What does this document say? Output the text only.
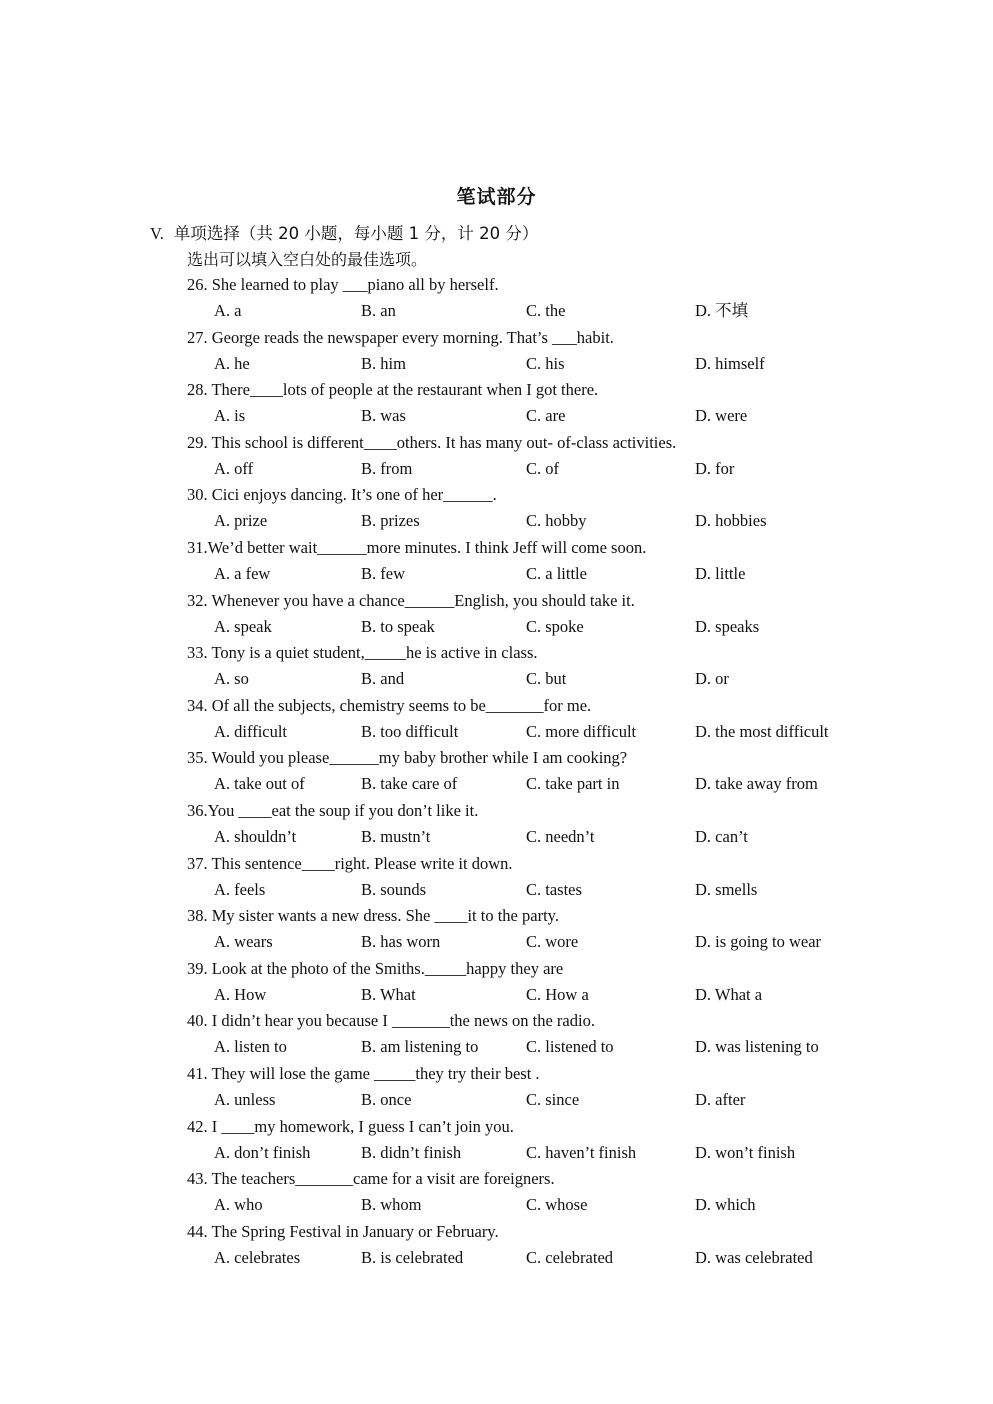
笔试部分
V. 单项选择（共 20 小题，每小题 1 分，计 20 分）
选出可以填入空白处的最佳选项。
26. She learned to play ___piano all by herself.
A. a	B. an	C. the	D. 不填
27. George reads the newspaper every morning. That’s ___habit.
A. he	B. him	C. his	D. himself
28. There____lots of people at the restaurant when I got there.
A. is	B. was	C. are	D. were
29. This school is different____others. It has many out- of-class activities.
A. off	B. from	C. of	D. for
30. Cici enjoys dancing. It’s one of her______.
A. prize	B. prizes	C. hobby	D. hobbies
31.We’d better wait______more minutes. I think Jeff will come soon.
A. a few	B. few	C. a little	D. little
32. Whenever you have a chance______English, you should take it.
A. speak	B. to speak	C. spoke	D. speaks
33. Tony is a quiet student,_____he is active in class.
A. so	B. and	C. but	D. or
34. Of all the subjects, chemistry seems to be_______for me.
A. difficult	B. too difficult	C. more difficult	D. the most difficult
35. Would you please______my baby brother while I am cooking?
A. take out of	B. take care of	C. take part in	D. take away from
36.You ____eat the soup if you don’t like it.
A. shouldn’t	B. mustn’t	C. needn’t	D. can’t
37. This sentence____right. Please write it down.
A. feels	B. sounds	C. tastes	D. smells
38. My sister wants a new dress. She ____it to the party.
A. wears	B. has worn	C. wore	D. is going to wear
39. Look at the photo of the Smiths._____happy they are
A. How	B. What	C. How a	D. What a
40. I didn’t hear you because I _______the news on the radio.
A. listen to	B. am listening to	C. listened to	D. was listening to
41. They will lose the game _____they try their best .
A. unless	B. once	C. since	D. after
42. I ____my homework, I guess I can’t join you.
A. don’t finish	B. didn’t finish	C. haven’t finish	D. won’t finish
43. The teachers_______came for a visit are foreigners.
A. who	B. whom	C. whose	D. which
44. The Spring Festival in January or February.
A. celebrates	B. is celebrated	C. celebrated	D. was celebrated
